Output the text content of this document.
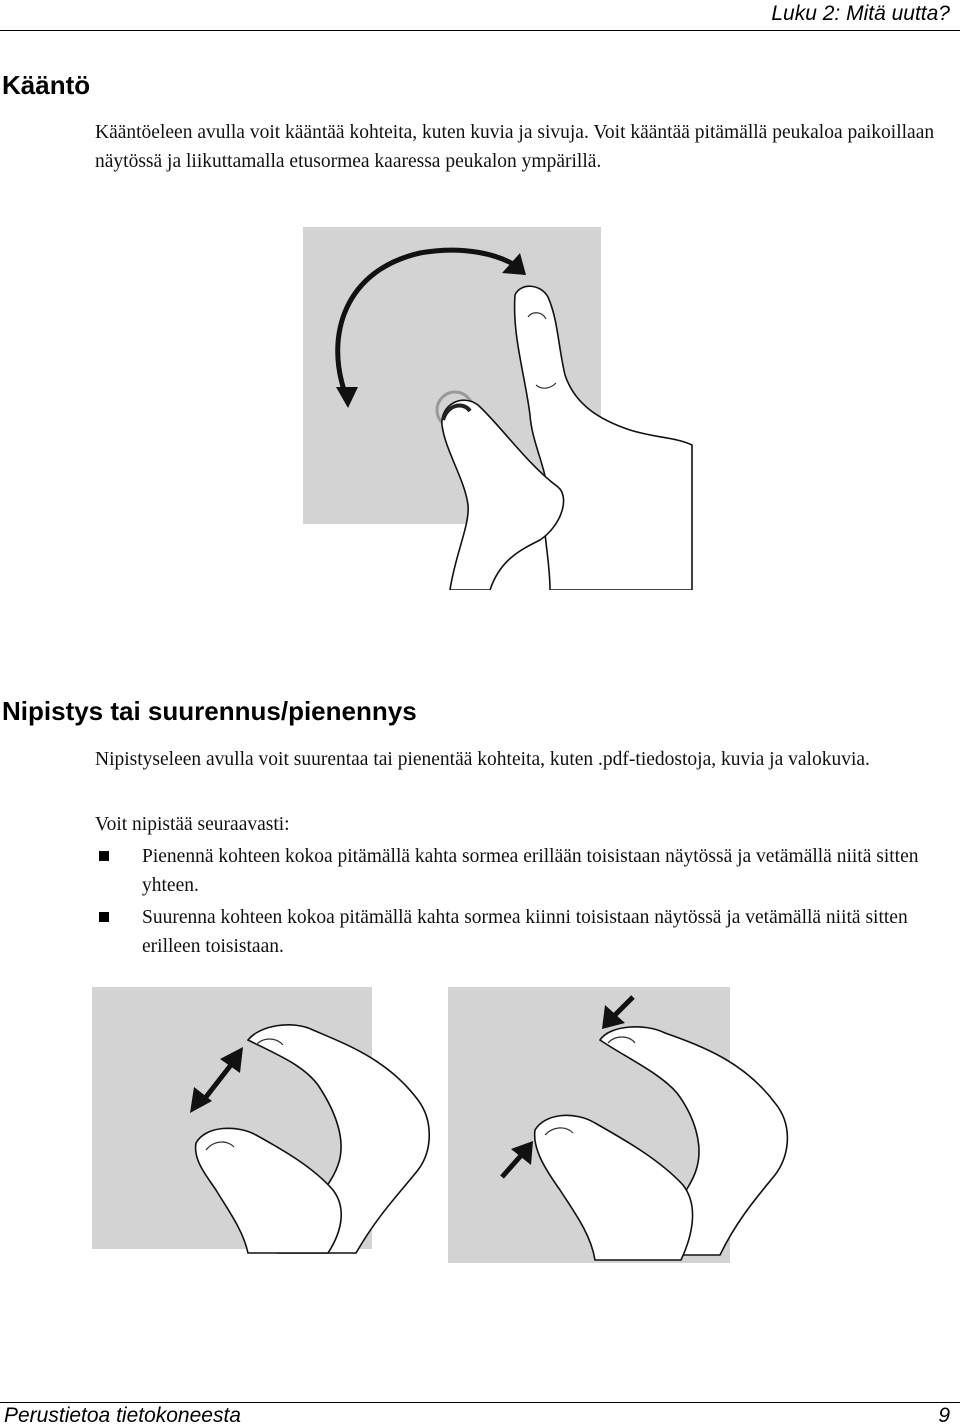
Luku 2: Mitä uutta?
Kääntö

Kääntöeleen avulla voit kääntää kohteita, kuten kuvia ja sivuja. Voit kääntää pitämällä peukaloa paikoillaan näytössä ja liikuttamalla etusormea kaaressa peukalon ympärillä.

Nipistys tai suurennus/pienennys

Nipistyseleen avulla voit suurentaa tai pienentää kohteita, kuten .pdf-tiedostoja, kuvia ja valokuvia.

Voit nipistää seuraavasti:

Pienennä kohteen kokoa pitämällä kahta sormea erillään toisistaan näytössä ja vetämällä niitä sitten yhteen.
Suurenna kohteen kokoa pitämällä kahta sormea kiinni toisistaan näytössä ja vetämällä niitä sitten erilleen toisistaan.
Perustietoa tietokoneesta	9
